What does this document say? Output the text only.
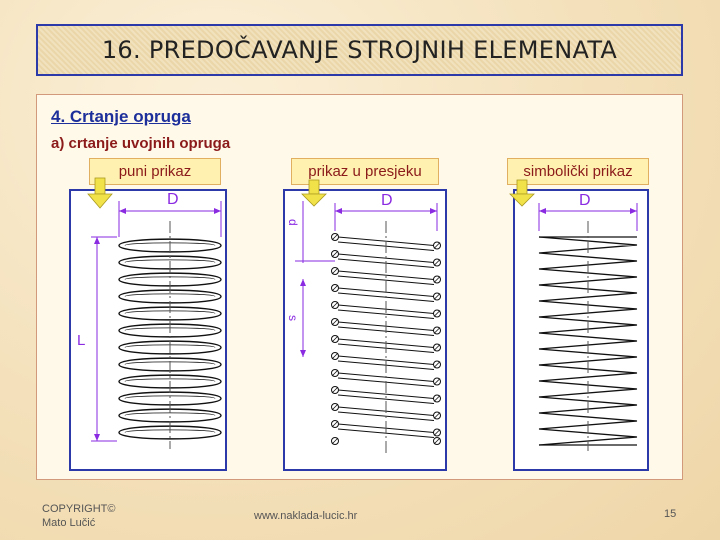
16. PREDOČAVANJE STROJNIH ELEMENATA
4. Crtanje opruga
a) crtanje uvojnih opruga
puni prikaz	prikaz u presjeku	simbolički prikaz
D
L
D
d
s
D
COPYRIGHT©
Mato Lučić
www.naklada-lucic.hr	15
